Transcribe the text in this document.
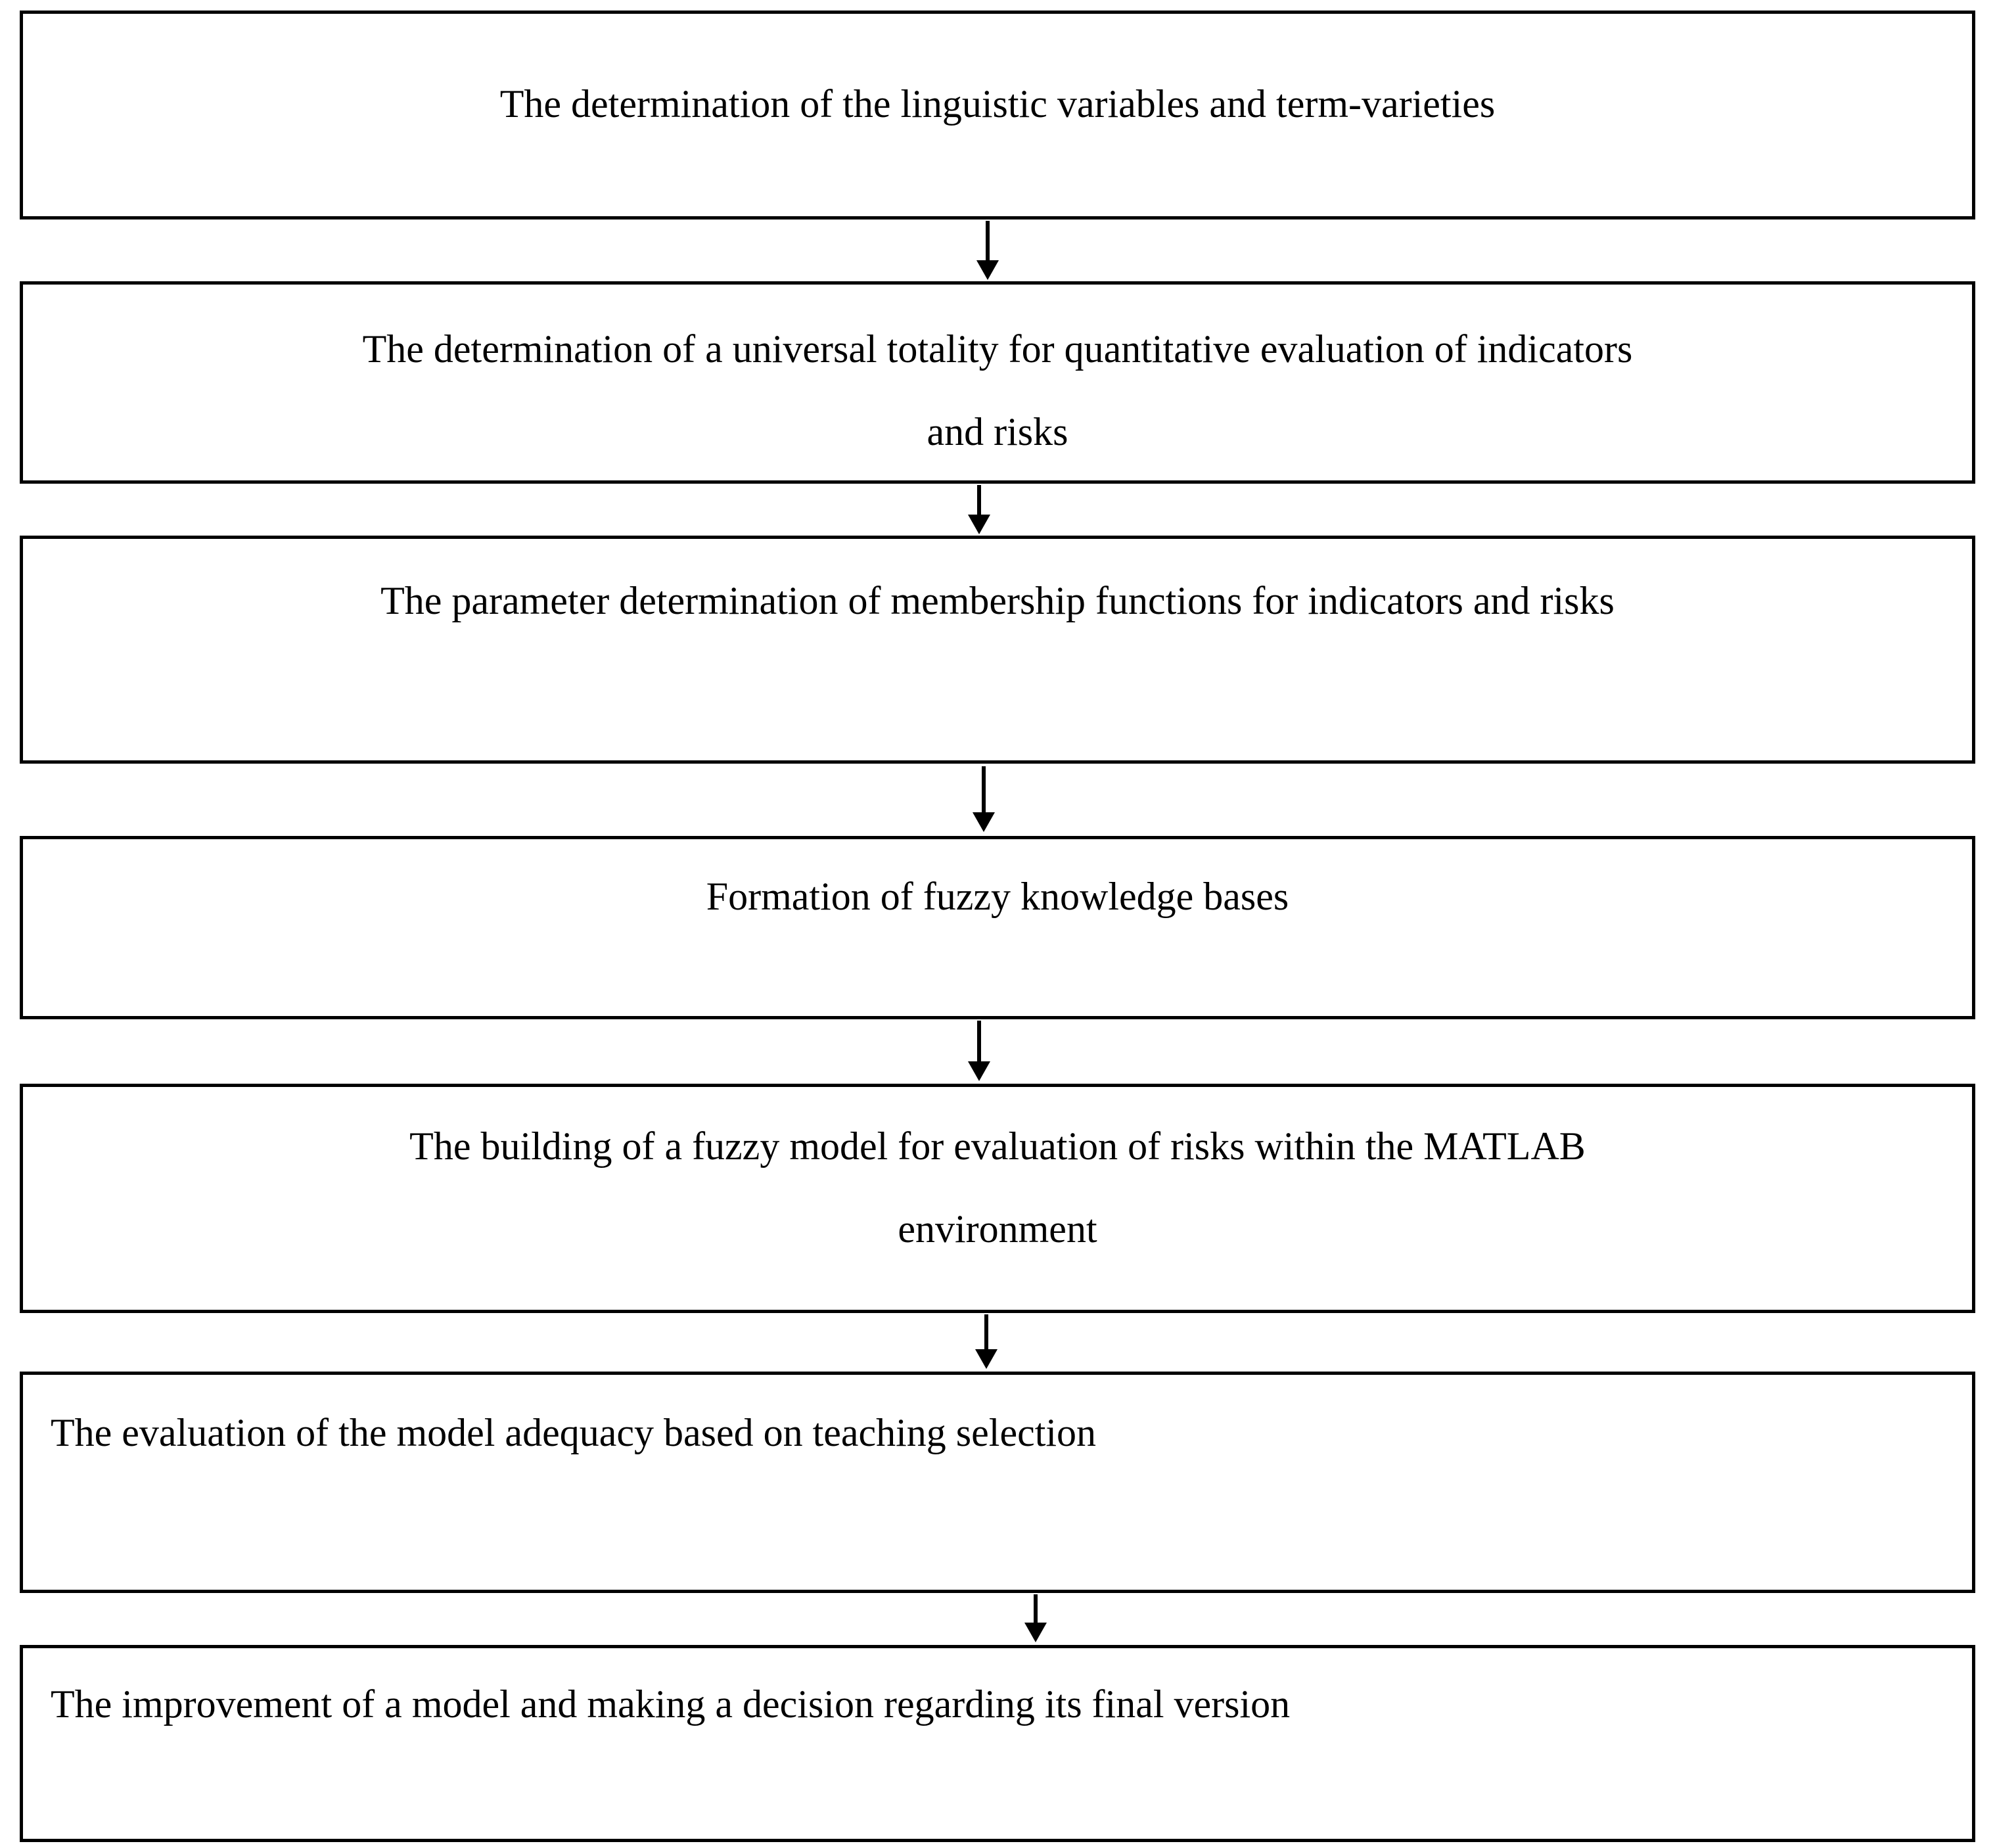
The determination of the linguistic variables and term-varieties
The determination of a universal totality for quantitative evaluation of indicators
and risks
The parameter determination of membership functions for indicators and risks
Formation of fuzzy knowledge bases
The building of a fuzzy model for evaluation of risks within the MATLAB
environment
The evaluation of the model adequacy based on teaching selection
The improvement of a model and making a decision regarding its final version
